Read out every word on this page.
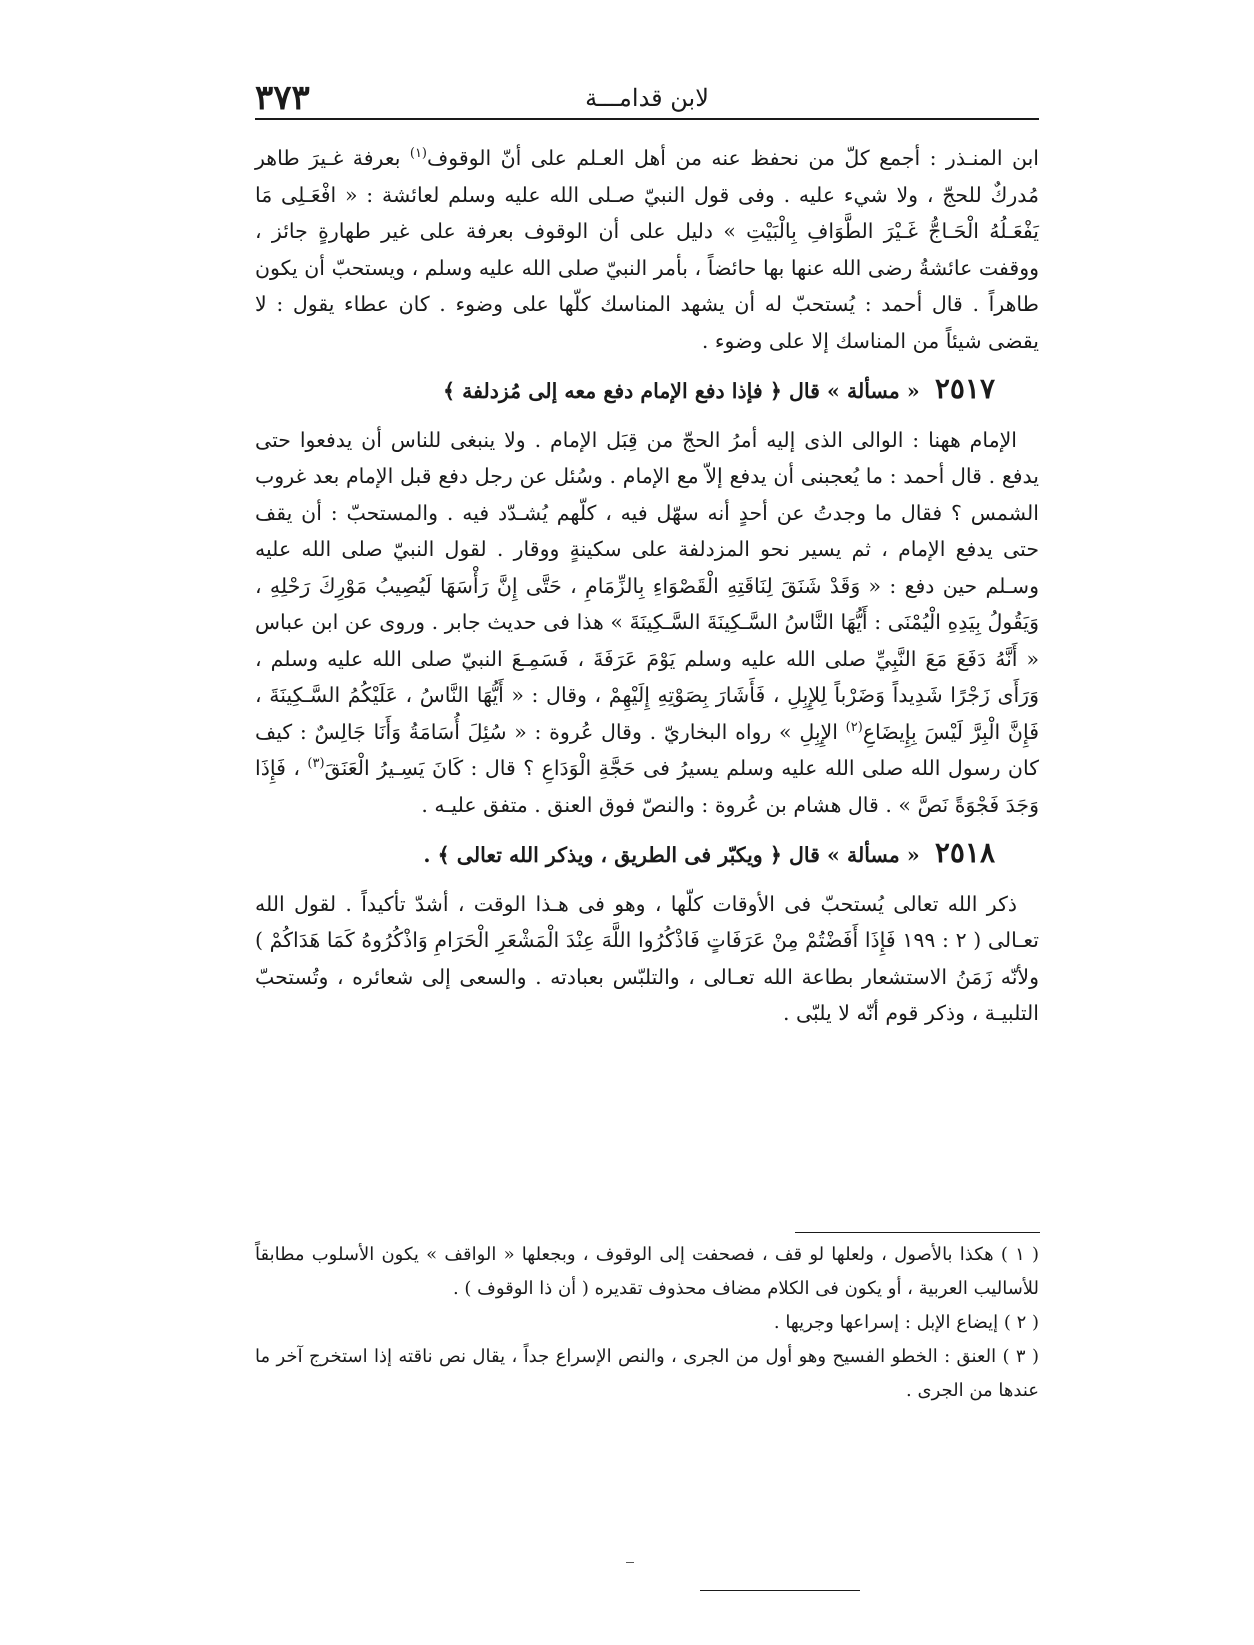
٣٧٣	لابن قدامـــة

ابن المنـذر : أجمع كلّ من نحفظ عنه من أهل العـلم على أنّ الوقوف$^{(١)}$ بعرفة غـيرَ طاهر مُدركٌ للحجّ ، ولا شيء عليه . وفى قول النبيّ صـلى الله عليه وسلم لعائشة : « افْعَـلِى مَا يَفْعَـلُهُ الْحَـاجُّ غَـيْرَ الطَّوَافِ بِالْبَيْتِ » دليل على أن الوقوف بعرفة على غير طهارةٍ جائز ، ووقفت عائشةُ رضى الله عنها بها حائضاً ، بأمر النبيّ صلى الله عليه وسلم ، ويستحبّ أن يكون طاهراً . قال أحمد : يُستحبّ له أن يشهد المناسك كلّها على وضوء . كان عطاء يقول : لا يقضى شيئاً من المناسك إلا على وضوء .

٢٥١٧ « مسألة » قال ﴿ فإذا دفع الإمام دفع معه إلى مُزدلفة ﴾

الإمام ههنا : الوالى الذى إليه أمرُ الحجّ من قِبَل الإمام . ولا ينبغى للناس أن يدفعوا حتى يدفع . قال أحمد : ما يُعجبنى أن يدفع إلاّ مع الإمام . وسُئل عن رجل دفع قبل الإمام بعد غروب الشمس ؟ فقال ما وجدتُ عن أحدٍ أنه سهّل فيه ، كلّهم يُشـدّد فيه . والمستحبّ : أن يقف حتى يدفع الإمام ، ثم يسير نحو المزدلفة على سكينةٍ ووقار . لقول النبيّ صلى الله عليه وسـلم حين دفع : « وَقَدْ شَنَقَ لِنَاقَتِهِ الْقَصْوَاءِ بِالزِّمَامِ ، حَتَّى إِنَّ رَأْسَهَا لَيُصِيبُ مَوْرِكَ رَحْلِهِ ، وَيَقُولُ بِيَدِهِ الْيُمْنَى : أَيُّهَا النَّاسُ السَّـكِينَةَ السَّـكِينَةَ » هذا فى حديث جابر . وروى عن ابن عباس « أَنَّهُ دَفَعَ مَعَ النَّبِيِّ صلى الله عليه وسلم يَوْمَ عَرَفَةَ ، فَسَمِـعَ النبيّ صلى الله عليه وسلم ، وَرَأَى زَجْرًا شَدِيداً وَضَرْباً لِلإِبِلِ ، فَأَشَارَ بِصَوْتِهِ إِلَيْهِمْ ، وقال : « أَيُّهَا النَّاسُ ، عَلَيْكُمُ السَّـكِينَةَ ، فَإِنَّ الْبِرَّ لَيْسَ بِإِيضَاعِ$^{(٢)}$ الإِبِلِ » رواه البخاريّ . وقال عُروة : « سُئِلَ أُسَامَةُ وَأَنَا جَالِسٌ : كيف كان رسول الله صلى الله عليه وسلم يسيرُ فى حَجَّةِ الْوَدَاعِ ؟ قال : كَانَ يَسِـيرُ الْعَنَقَ$^{(٣)}$ ، فَإِذَا وَجَدَ فَجْوَةً نَصَّ » . قال هشام بن عُروة : والنصّ فوق العنق . متفق عليـه .

٢٥١٨ « مسألة » قال ﴿ ويكبّر فى الطريق ، ويذكر الله تعالى ﴾ .

ذكر الله تعالى يُستحبّ فى الأوقات كلّها ، وهو فى هـذا الوقت ، أشدّ تأكيداً . لقول الله تعـالى ( ٢ : ١٩٩ فَإِذَا أَفَضْتُمْ مِنْ عَرَفَاتٍ فَاذْكُرُوا اللَّهَ عِنْدَ الْمَشْعَرِ الْحَرَامِ وَاذْكُرُوهُ كَمَا هَدَاكُمْ ) ولأنّه زَمَنُ الاستشعار بطاعة الله تعـالى ، والتلبّس بعبادته . والسعى إلى شعائره ، وتُستحبّ التلبيـة ، وذكر قوم أنّه لا يلبّى .

( ١ ) هكذا بالأصول ، ولعلها لو قف ، فصحفت إلى الوقوف ، وبجعلها « الواقف » يكون الأسلوب مطابقاً للأساليب العربية ، أو يكون فى الكلام مضاف محذوف تقديره ( أن ذا الوقوف ) .

( ٢ ) إيضاع الإبل : إسراعها وجريها .

( ٣ ) العنق : الخطو الفسيح وهو أول من الجرى ، والنص الإسراع جداً ، يقال نص ناقته إذا استخرج آخر ما عندها من الجرى .
